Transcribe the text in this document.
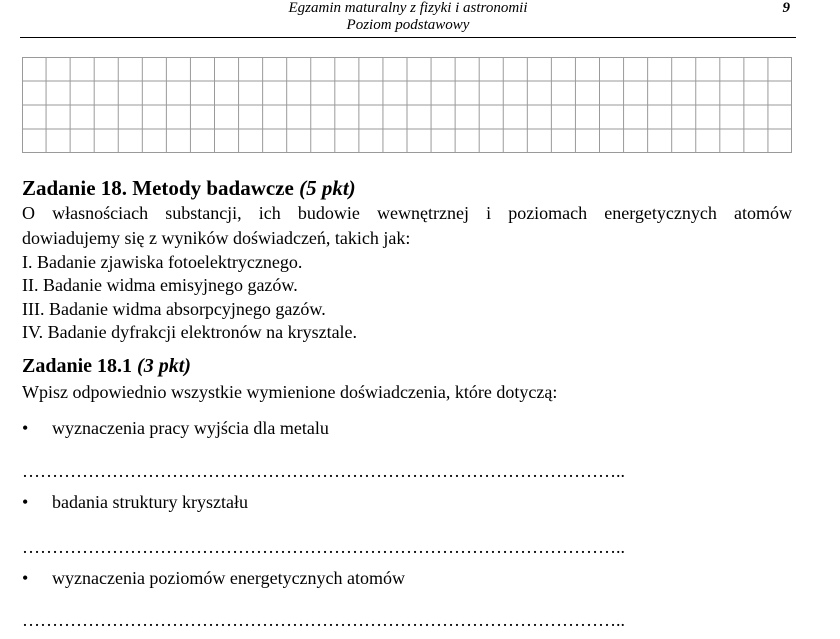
Egzamin maturalny z fizyki i astronomii
Poziom podstawowy
9
Zadanie 18. Metody badawcze (5 pkt)
O własnościach substancji, ich budowie wewnętrznej i poziomach energetycznych atomów
dowiadujemy się z wyników doświadczeń, takich jak:
I. Badanie zjawiska fotoelektrycznego.
II. Badanie widma emisyjnego gazów.
III. Badanie widma absorpcyjnego gazów.
IV. Badanie dyfrakcji elektronów na krysztale.
Zadanie 18.1 (3 pkt)
Wpisz odpowiednio wszystkie wymienione doświadczenia, które dotyczą:
• wyznaczenia pracy wyjścia dla metalu
………………………………………………………………………………………..
• badania struktury kryształu
………………………………………………………………………………………..
• wyznaczenia poziomów energetycznych atomów
………………………………………………………………………………………..
